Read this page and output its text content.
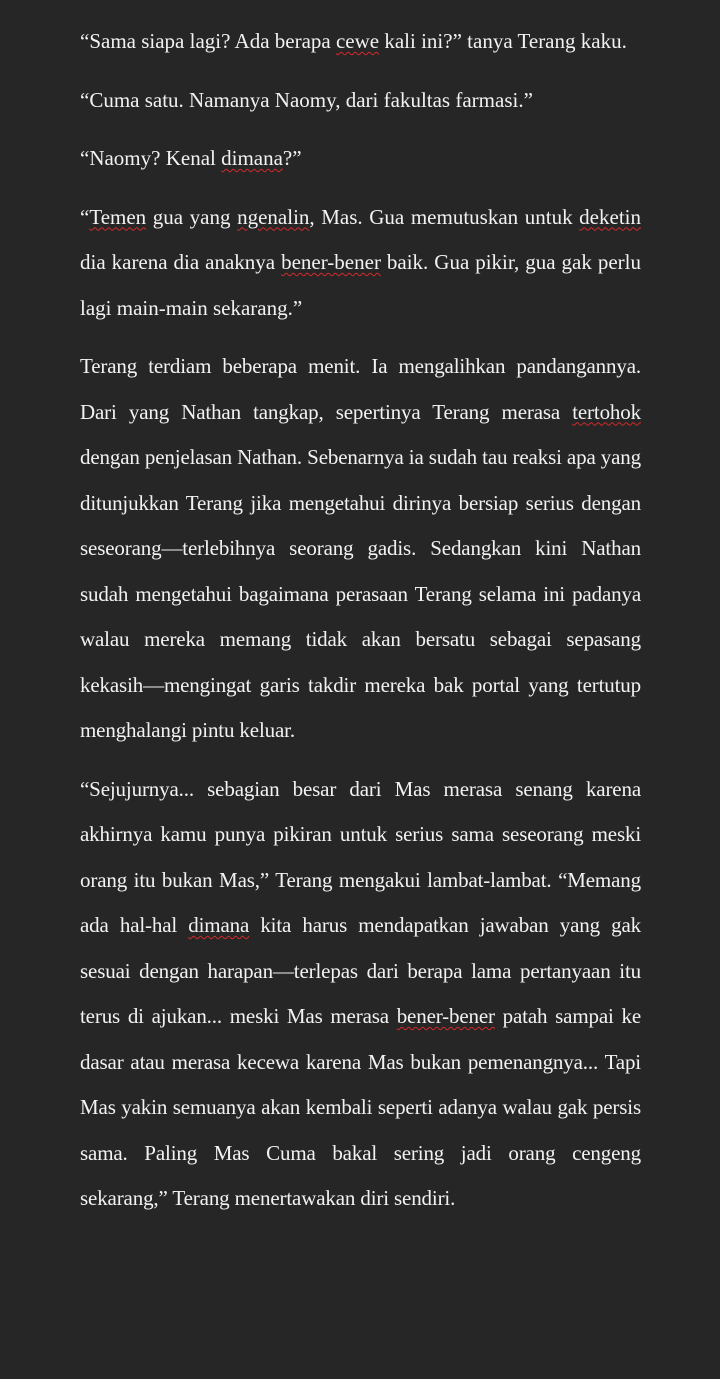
“Sama siapa lagi? Ada berapa cewe kali ini?” tanya Terang kaku.

“Cuma satu. Namanya Naomy, dari fakultas farmasi.”

“Naomy? Kenal dimana?”

“Temen gua yang ngenalin, Mas. Gua memutuskan untuk deketin dia karena dia anaknya bener-bener baik. Gua pikir, gua gak perlu lagi main-main sekarang.”

Terang terdiam beberapa menit. Ia mengalihkan pandangannya. Dari yang Nathan tangkap, sepertinya Terang merasa tertohok dengan penjelasan Nathan. Sebenarnya ia sudah tau reaksi apa yang ditunjukkan Terang jika mengetahui dirinya bersiap serius dengan seseorang—terlebihnya seorang gadis. Sedangkan kini Nathan sudah mengetahui bagaimana perasaan Terang selama ini padanya walau mereka memang tidak akan bersatu sebagai sepasang kekasih—mengingat garis takdir mereka bak portal yang tertutup menghalangi pintu keluar.

“Sejujurnya... sebagian besar dari Mas merasa senang karena akhirnya kamu punya pikiran untuk serius sama seseorang meski orang itu bukan Mas,” Terang mengakui lambat-lambat. “Memang ada hal-hal dimana kita harus mendapatkan jawaban yang gak sesuai dengan harapan—terlepas dari berapa lama pertanyaan itu terus di ajukan... meski Mas merasa bener-bener patah sampai ke dasar atau merasa kecewa karena Mas bukan pemenangnya... Tapi Mas yakin semuanya akan kembali seperti adanya walau gak persis sama. Paling Mas Cuma bakal sering jadi orang cengeng sekarang,” Terang menertawakan diri sendiri.
